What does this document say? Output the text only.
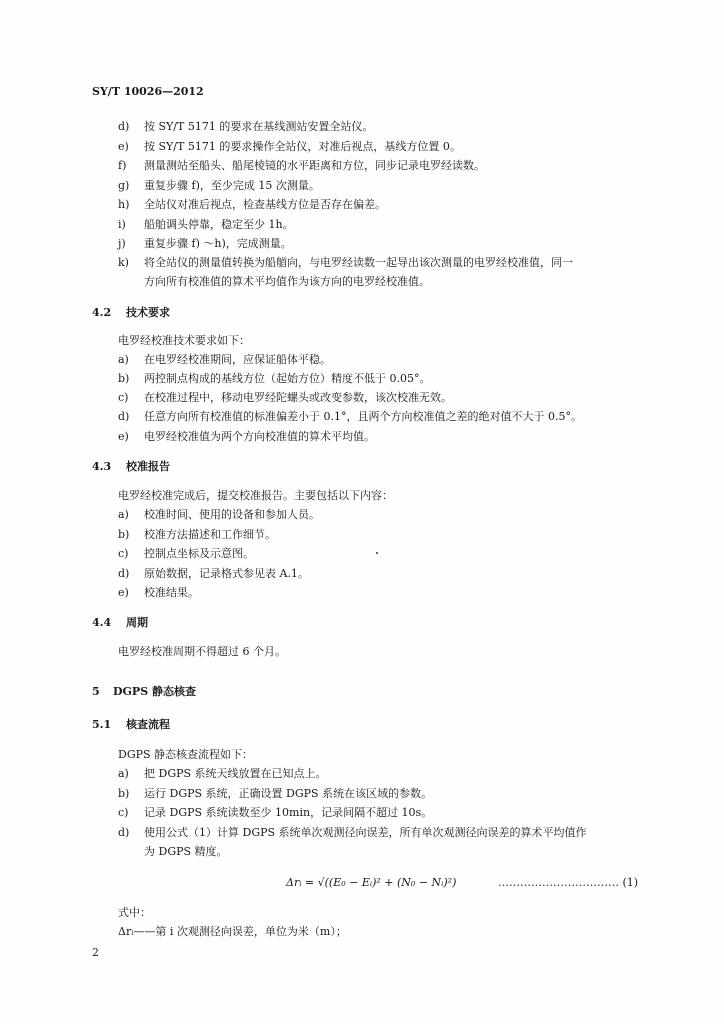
SY/T 10026—2012
d) 按 SY/T 5171 的要求在基线测站安置全站仪。
e) 按 SY/T 5171 的要求操作全站仪，对准后视点，基线方位置 0。
f) 测量测站至船头、船尾棱镜的水平距离和方位，同步记录电罗经读数。
g) 重复步骤 f)，至少完成 15 次测量。
h) 全站仪对准后视点，检查基线方位是否存在偏差。
i) 船舶调头停靠，稳定至少 1h。
j) 重复步骤 f) ～h)，完成测量。
k) 将全站仪的测量值转换为船艏向，与电罗经读数一起导出该次测量的电罗经校准值，同一
方向所有校准值的算术平均值作为该方向的电罗经校准值。
4.2 技术要求
电罗经校准技术要求如下：
a) 在电罗经校准期间，应保证船体平稳。
b) 两控制点构成的基线方位（起始方位）精度不低于 0.05°。
c) 在校准过程中，移动电罗经陀螺头或改变参数，该次校准无效。
d) 任意方向所有校准值的标准偏差小于 0.1°，且两个方向校准值之差的绝对值不大于 0.5°。
e) 电罗经校准值为两个方向校准值的算术平均值。
4.3 校准报告
电罗经校准完成后，提交校准报告。主要包括以下内容：
a) 校准时间、使用的设备和参加人员。
b) 校准方法描述和工作细节。
c) 控制点坐标及示意图。
d) 原始数据，记录格式参见表 A.1。
e) 校准结果。
4.4 周期
电罗经校准周期不得超过 6 个月。
5 DGPS 静态核查
5.1 核查流程
DGPS 静态核查流程如下：
a) 把 DGPS 系统天线放置在已知点上。
b) 运行 DGPS 系统，正确设置 DGPS 系统在该区域的参数。
c) 记录 DGPS 系统读数至少 10min，记录间隔不超过 10s。
d) 使用公式（1）计算 DGPS 系统单次观测径向误差，所有单次观测径向误差的算术平均值作
为 DGPS 精度。
Δrᵢ = √((E₀ − Eᵢ)² + (N₀ − Nᵢ)²)	…………………………… (1)
式中：
Δrᵢ——第 i 次观测径向误差，单位为米（m）；
2
